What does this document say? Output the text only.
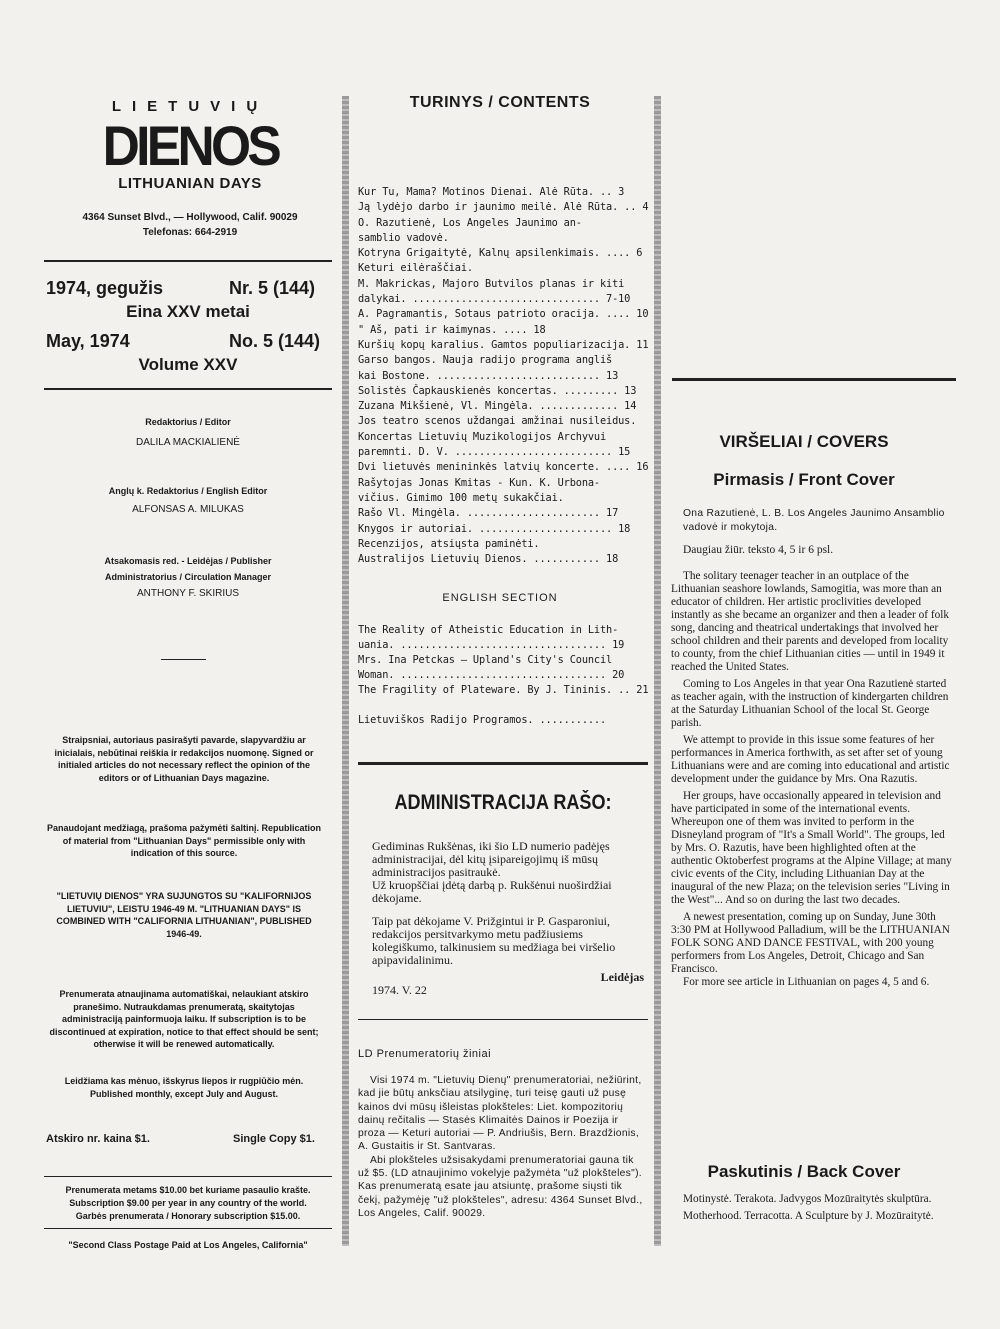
LIETUVIŲ
DIENOS
LITHUANIAN DAYS
4364 Sunset Blvd., — Hollywood, Calif. 90029
Telefonas: 664-2919
1974, gegužis	Nr. 5 (144)
Eina XXV metai
May, 1974	No. 5 (144)
Volume XXV
Redaktorius / Editor
DALILA MACKIALIENĖ
Anglų k. Redaktorius / English Editor
ALFONSAS A. MILUKAS
Atsakomasis red. - Leidėjas / Publisher
Administratorius / Circulation Manager
ANTHONY F. SKIRIUS
Straipsniai, autoriaus pasirašyti pavarde, slapyvardžiu ar inicialais, nebūtinai reiškia ir redakcijos nuomonę. Signed or initialed articles do not necessary reflect the opinion of the editors or of Lithuanian Days magazine.
Panaudojant medžiagą, prašoma pažymėti šaltinį. Republication of material from "Lithuanian Days" permissible only with indication of this source.
"LIETUVIŲ DIENOS" YRA SUJUNGTOS SU "KALIFORNIJOS LIETUVIU", LEISTU 1946-49 M. "LITHUANIAN DAYS" IS COMBINED WITH "CALIFORNIA LITHUANIAN", PUBLISHED 1946-49.
Prenumerata atnaujinama automatiškai, nelaukiant atskiro pranešimo. Nutraukdamas prenumeratą, skaitytojas administraciją painformuoja laiku. If subscription is to be discontinued at expiration, notice to that effect should be sent; otherwise it will be renewed automatically.
Leidžiama kas mėnuo, išskyrus liepos ir rugpiūčio mėn. Published monthly, except July and August.
Atskiro nr. kaina $1.	Single Copy $1.
Prenumerata metams $10.00 bet kuriame pasaulio krašte.
Subscription $9.00 per year in any country of the world.
Garbės prenumerata / Honorary subscription $15.00.
"Second Class Postage Paid at Los Angeles, California"
TURINYS / CONTENTS
Kur Tu, Mama? Motinos Dienai. Alė Rūta. .. 3
Ją lydėjo darbo ir jaunimo meilė. Alė Rūta. .. 4
O. Razutienė, Los Angeles Jaunimo an-
samblio vadovė.
Kotryna Grigaitytė, Kalnų apsilenkimais. .... 6
Keturi eilėraščiai.
M. Makrickas, Majoro Butvilos planas ir kiti
dalykai. ............................... 7-10
A. Pagramantis, Sotaus patrioto oracija. .... 10
" Aš, pati ir kaimynas. .... 18
Kuršių kopų karalius. Gamtos populiarizacija. 11
Garso bangos. Nauja radijo programa angliš
kai Bostone. ........................... 13
Solistės Čapkauskienės koncertas. ......... 13
Zuzana Mikšienė, Vl. Mingėla. ............. 14
Jos teatro scenos uždangai amžinai nusileidus.
Koncertas Lietuvių Muzikologijos Archyvui
paremnti. D. V. .......................... 15
Dvi lietuvės menininkės latvių koncerte. .... 16
Rašytojas Jonas Kmitas - Kun. K. Urbona-
vičius. Gimimo 100 metų sukakčiai.
Rašo Vl. Mingėla. ...................... 17
Knygos ir autoriai. ...................... 18
Recenzijos, atsiųsta paminėti.
Australijos Lietuvių Dienos. ........... 18
ENGLISH SECTION
The Reality of Atheistic Education in Lith-
uania. .................................. 19
Mrs. Ina Petckas — Upland's City's Council
Woman. .................................. 20
The Fragility of Plateware. By J. Tininis. .. 21
Lietuviškos Radijo Programos. ...........
ADMINISTRACIJA RAŠO:

Gediminas Rukšėnas, iki šio LD numerio padėjęs administracijai, dėl kitų įsipareigojimų iš mūsų administracijos pasitraukė.

Už kruopščiai įdėtą darbą p. Rukšėnui nuoširdžiai dėkojame.

Taip pat dėkojame V. Prižgintui ir P. Gasparoniui, redakcijos persitvarkymo metu padžiusiems kolegiškumo, talkinusiem su medžiaga bei viršelio apipavidalinimu.

Leidėjas

1974. V. 22

LD Prenumeratorių žiniai

Visi 1974 m. "Lietuvių Dienų" prenumeratoriai, nežiūrint, kad jie būtų anksčiau atsilyginę, turi teisę gauti už pusę kainos dvi mūsų išleistas plokšteles: Liet. kompozitorių dainų rečitalis — Stasės Klimaitės Dainos ir Poezija ir proza — Keturi autoriai — P. Andriušis, Bern. Brazdžionis, A. Gustaitis ir St. Santvaras.

Abi plokšteles užsisakydami prenumeratoriai gauna tik už $5. (LD atnaujinimo vokelyje pažymėta "už plokšteles"). Kas prenumeratą esate jau atsiuntę, prašome siųsti tik čekį, pažymėję "už plokšteles", adresu: 4364 Sunset Blvd., Los Angeles, Calif. 90029.

VIRŠELIAI / COVERS
Pirmasis / Front Cover
Ona Razutienė, L. B. Los Angeles Jaunimo Ansamblio vadovė ir mokytoja.
Daugiau žiūr. teksto 4, 5 ir 6 psl.

The solitary teenager teacher in an outplace of the Lithuanian seashore lowlands, Samogitia, was more than an educator of children. Her artistic proclivities developed instantly as she became an organizer and then a leader of folk song, dancing and theatrical undertakings that involved her school children and their parents and developed from locality to county, from the chief Lithuanian cities — until in 1949 it reached the United States.

Coming to Los Angeles in that year Ona Razutienė started as teacher again, with the instruction of kindergarten children at the Saturday Lithuanian School of the local St. George parish.

We attempt to provide in this issue some features of her performances in America forthwith, as set after set of young Lithuanians were and are coming into educational and artistic development under the guidance by Mrs. Ona Razutis.

Her groups, have occasionally appeared in television and have participated in some of the international events. Whereupon one of them was invited to perform in the Disneyland program of "It's a Small World". The groups, led by Mrs. O. Razutis, have been highlighted often at the authentic Oktoberfest programs at the Alpine Village; at many civic events of the City, including Lithuanian Day at the inaugural of the new Plaza; on the television series "Living in the West"... And so on during the last two decades.

A newest presentation, coming up on Sunday, June 30th 3:30 PM at Hollywood Palladium, will be the LITHUANIAN FOLK SONG AND DANCE FESTIVAL, with 200 young performers from Los Angeles, Detroit, Chicago and San Francisco.

For more see article in Lithuanian on pages 4, 5 and 6.

Paskutinis / Back Cover

Motinystė. Terakota. Jadvygos Mozūraitytės skulptūra.

Motherhood. Terracotta. A Sculpture by J. Mozūraitytė.
